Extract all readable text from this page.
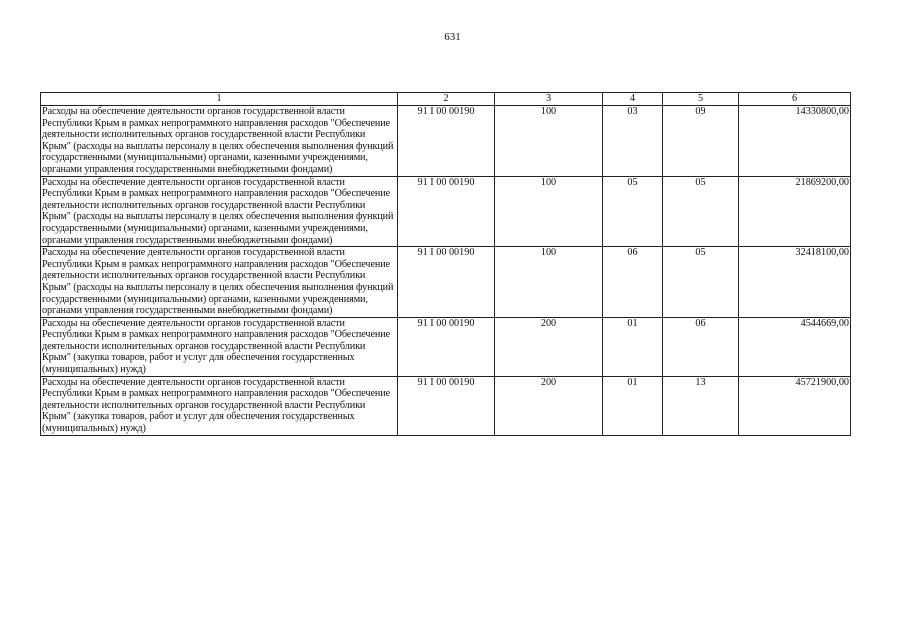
631
1	2	3	4	5	6
Расходы на обеспечение деятельности органов государственной власти Республики Крым в рамках непрограммного направления расходов "Обеспечение деятельности исполнительных органов государственной власти Республики Крым" (расходы на выплаты персоналу в целях обеспечения выполнения функций государственными (муниципальными) органами, казенными учреждениями, органами управления государственными внебюджетными фондами)	91 I 00 00190	100	03	09	14330800,00
Расходы на обеспечение деятельности органов государственной власти Республики Крым в рамках непрограммного направления расходов "Обеспечение деятельности исполнительных органов государственной власти Республики Крым" (расходы на выплаты персоналу в целях обеспечения выполнения функций государственными (муниципальными) органами, казенными учреждениями, органами управления государственными внебюджетными фондами)	91 I 00 00190	100	05	05	21869200,00
Расходы на обеспечение деятельности органов государственной власти Республики Крым в рамках непрограммного направления расходов "Обеспечение деятельности исполнительных органов государственной власти Республики Крым" (расходы на выплаты персоналу в целях обеспечения выполнения функций государственными (муниципальными) органами, казенными учреждениями, органами управления государственными внебюджетными фондами)	91 I 00 00190	100	06	05	32418100,00
Расходы на обеспечение деятельности органов государственной власти Республики Крым в рамках непрограммного направления расходов "Обеспечение деятельности исполнительных органов государственной власти Республики Крым" (закупка товаров, работ и услуг для обеспечения государственных (муниципальных) нужд)	91 I 00 00190	200	01	06	4544669,00
Расходы на обеспечение деятельности органов государственной власти Республики Крым в рамках непрограммного направления расходов "Обеспечение деятельности исполнительных органов государственной власти Республики Крым" (закупка товаров, работ и услуг для обеспечения государственных (муниципальных) нужд)	91 I 00 00190	200	01	13	45721900,00
